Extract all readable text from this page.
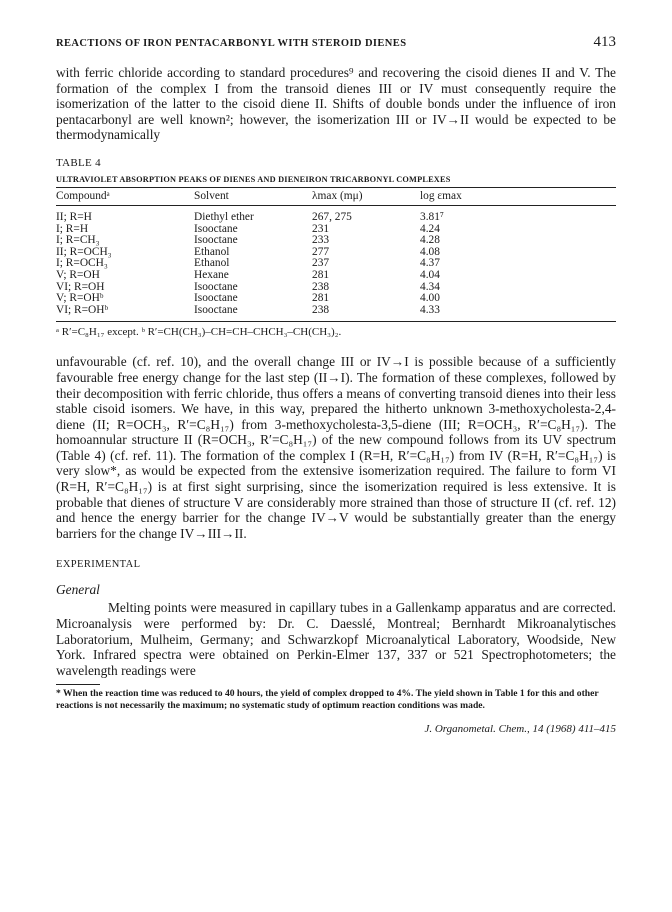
REACTIONS OF IRON PENTACARBONYL WITH STEROID DIENES	413

with ferric chloride according to standard procedures⁹ and recovering the cisoid dienes II and V. The formation of the complex I from the transoid dienes III or IV must consequently require the isomerization of the latter to the cisoid diene II. Shifts of double bonds under the influence of iron pentacarbonyl are well known²; however, the isomerization III or IV→II would be expected to be thermodynamically

TABLE 4
ULTRAVIOLET ABSORPTION PEAKS OF DIENES AND DIENEIRON TRICARBONYL COMPLEXES
Compoundᵃ	Solvent	λmax (mμ)	log εmax
II; R=H	Diethyl ether	267, 275	3.81⁷
I; R=H	Isooctane	231	4.24
I; R=CH₃	Isooctane	233	4.28
II; R=OCH₃	Ethanol	277	4.08
I; R=OCH₃	Ethanol	237	4.37
V; R=OH	Hexane	281	4.04
VI; R=OH	Isooctane	238	4.34
V; R=OHᵇ	Isooctane	281	4.00
VI; R=OHᵇ	Isooctane	238	4.33
ᵃ R′=C₈H₁₇ except. ᵇ R′=CH(CH₃)–CH=CH–CHCH₃–CH(CH₃)₂.

unfavourable (cf. ref. 10), and the overall change III or IV→I is possible because of a sufficiently favourable free energy change for the last step (II→I). The formation of these complexes, followed by their decomposition with ferric chloride, thus offers a means of converting transoid dienes into their less stable cisoid isomers. We have, in this way, prepared the hitherto unknown 3-methoxycholesta-2,4-diene (II; R=OCH₃, R′=C₈H₁₇) from 3-methoxycholesta-3,5-diene (III; R=OCH₃, R′=C₈H₁₇). The homoannular structure II (R=OCH₃, R′=C₈H₁₇) of the new compound follows from its UV spectrum (Table 4) (cf. ref. 11). The formation of the complex I (R=H, R′=C₈H₁₇) from IV (R=H, R′=C₈H₁₇) is very slow*, as would be expected from the extensive isomerization required. The failure to form VI (R=H, R′=C₈H₁₇) is at first sight surprising, since the isomerization required is less extensive. It is probable that dienes of structure V are considerably more strained than those of structure II (cf. ref. 12) and hence the energy barrier for the change IV→V would be substantially greater than the energy barriers for the change IV→III→II.

EXPERIMENTAL
General

Melting points were measured in capillary tubes in a Gallenkamp apparatus and are corrected. Microanalysis were performed by: Dr. C. Daesslé, Montreal; Bernhardt Mikroanalytisches Laboratorium, Mulheim, Germany; and Schwarzkopf Microanalytical Laboratory, Woodside, New York. Infrared spectra were obtained on Perkin-Elmer 137, 337 or 521 Spectrophotometers; the wavelength readings were

* When the reaction time was reduced to 40 hours, the yield of complex dropped to 4%. The yield shown in Table 1 for this and other reactions is not necessarily the maximum; no systematic study of optimum reaction conditions was made.
J. Organometal. Chem., 14 (1968) 411–415
